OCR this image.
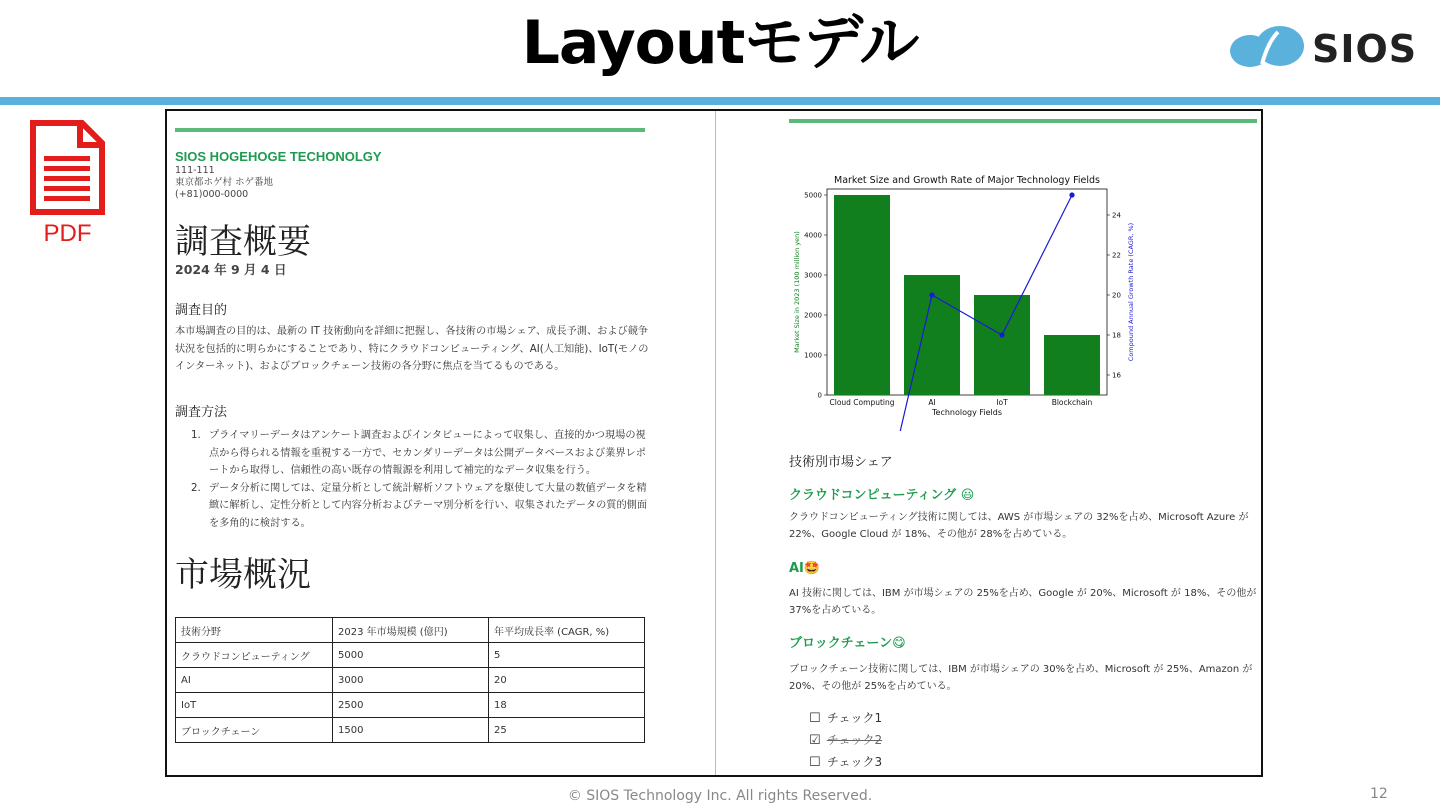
Layoutモデル	SIOS
PDF
SIOS HOGEHOGE TECHONOLGY
111-111
東京都ホゲ村 ホゲ番地
(+81)000-0000
調査概要
2024 年 9 月 4 日
調査目的
本市場調査の目的は、最新の IT 技術動向を詳細に把握し、各技術の市場シェア、成長予測、および競争状況を包括的に明らかにすることであり、特にクラウドコンピューティング、AI(人工知能)、IoT(モノのインターネット)、およびブロックチェーン技術の各分野に焦点を当てるものである。
調査方法
1. プライマリーデータはアンケート調査およびインタビューによって収集し、直接的かつ現場の視点から得られる情報を重視する一方で、セカンダリーデータは公開データベースおよび業界レポートから取得し、信頼性の高い既存の情報源を利用して補完的なデータ収集を行う。
2. データ分析に関しては、定量分析として統計解析ソフトウェアを駆使して大量の数値データを精緻に解析し、定性分析として内容分析およびテーマ別分析を行い、収集されたデータの質的側面を多角的に検討する。
市場概況
技術分野	2023 年市場規模 (億円)	年平均成長率 (CAGR, %)
クラウドコンピューティング	5000	5
AI	3000	20
IoT	2500	18
ブロックチェーン	1500	25
Market Size and Growth Rate of Major Technology Fields
Cloud Computing	AI	IoT	Blockchain
0
1000
2000
3000
4000
5000
16
18
20
22
24
Technology Fields
Market Size in 2023 (100 million yen)	Compound Annual Growth Rate (CAGR, %)
技術別市場シェア
クラウドコンピューティング 😃
クラウドコンピューティング技術に関しては、AWS が市場シェアの 32%を占め、Microsoft Azure が 22%、Google Cloud が 18%、その他が 28%を占めている。
AI🤩
AI 技術に関しては、IBM が市場シェアの 25%を占め、Google が 20%、Microsoft が 18%、その他が 37%を占めている。
ブロックチェーン😋
ブロックチェーン技術に関しては、IBM が市場シェアの 30%を占め、Microsoft が 25%、Amazon が 20%、その他が 25%を占めている。
☐ チェック1
☑ チェック2
☐ チェック3
© SIOS Technology Inc. All rights Reserved.	12
